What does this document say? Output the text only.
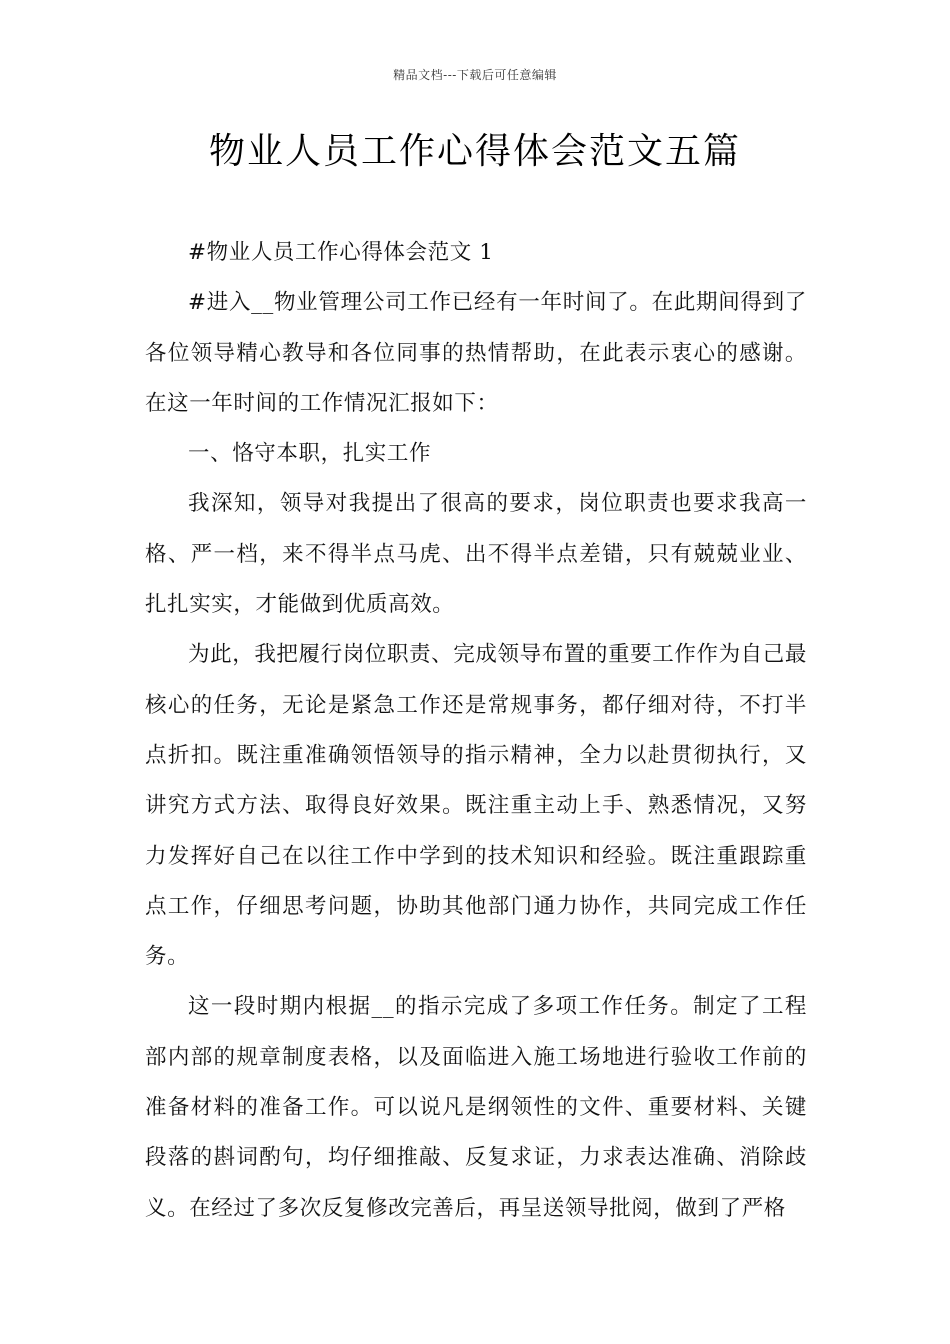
精品文档---下载后可任意编辑
物业人员工作心得体会范文五篇

#物业人员工作心得体会范文 1

#进入__物业管理公司工作已经有一年时间了。在此期间得到了各位领导精心教导和各位同事的热情帮助，在此表示衷心的感谢。在这一年时间的工作情况汇报如下：

一、恪守本职，扎实工作

我深知，领导对我提出了很高的要求，岗位职责也要求我高一格、严一档，来不得半点马虎、出不得半点差错，只有兢兢业业、扎扎实实，才能做到优质高效。

为此，我把履行岗位职责、完成领导布置的重要工作作为自己最核心的任务，无论是紧急工作还是常规事务，都仔细对待，不打半点折扣。既注重准确领悟领导的指示精神，全力以赴贯彻执行，又讲究方式方法、取得良好效果。既注重主动上手、熟悉情况，又努力发挥好自己在以往工作中学到的技术知识和经验。既注重跟踪重点工作，仔细思考问题，协助其他部门通力协作，共同完成工作任务。

这一段时期内根据__的指示完成了多项工作任务。制定了工程部内部的规章制度表格，以及面临进入施工场地进行验收工作前的准备材料的准备工作。可以说凡是纲领性的文件、重要材料、关键段落的斟词酌句，均仔细推敲、反复求证，力求表达准确、消除歧义。在经过了多次反复修改完善后，再呈送领导批阅，做到了严格
